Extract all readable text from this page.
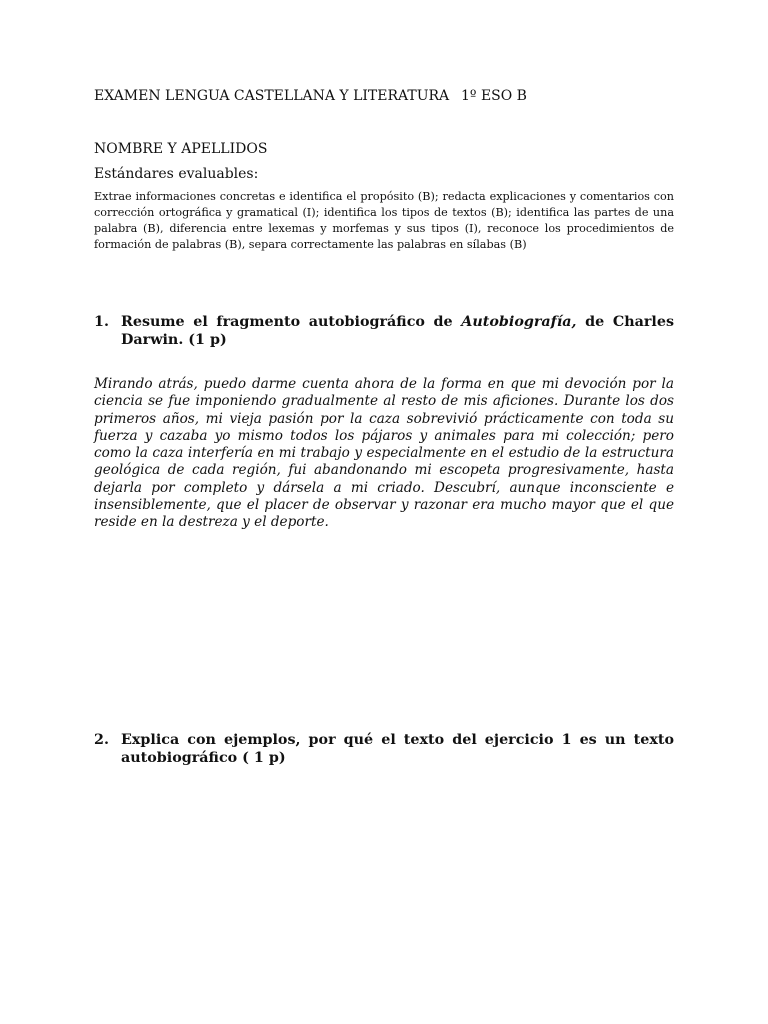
EXAMEN LENGUA CASTELLANA Y LITERATURA 1º ESO B
NOMBRE Y APELLIDOS
Estándares evaluables:
Extrae informaciones concretas e identifica el propósito (B); redacta explicaciones y comentarios con corrección ortográfica y gramatical (I); identifica los tipos de textos (B); identifica las partes de una palabra (B), diferencia entre lexemas y morfemas y sus tipos (I), reconoce los procedimientos de formación de palabras (B), separa correctamente las palabras en sílabas (B)
1. Resume el fragmento autobiográfico de Autobiografía, de Charles Darwin. (1 p)
Mirando atrás, puedo darme cuenta ahora de la forma en que mi devoción por la ciencia se fue imponiendo gradualmente al resto de mis aficiones. Durante los dos primeros años, mi vieja pasión por la caza sobrevivió prácticamente con toda su fuerza y cazaba yo mismo todos los pájaros y animales para mi colección; pero como la caza interfería en mi trabajo y especialmente en el estudio de la estructura geológica de cada región, fui abandonando mi escopeta progresivamente, hasta dejarla por completo y dársela a mi criado. Descubrí, aunque inconsciente e insensiblemente, que el placer de observar y razonar era mucho mayor que el que reside en la destreza y el deporte.
2. Explica con ejemplos, por qué el texto del ejercicio 1 es un texto autobiográfico ( 1 p)
